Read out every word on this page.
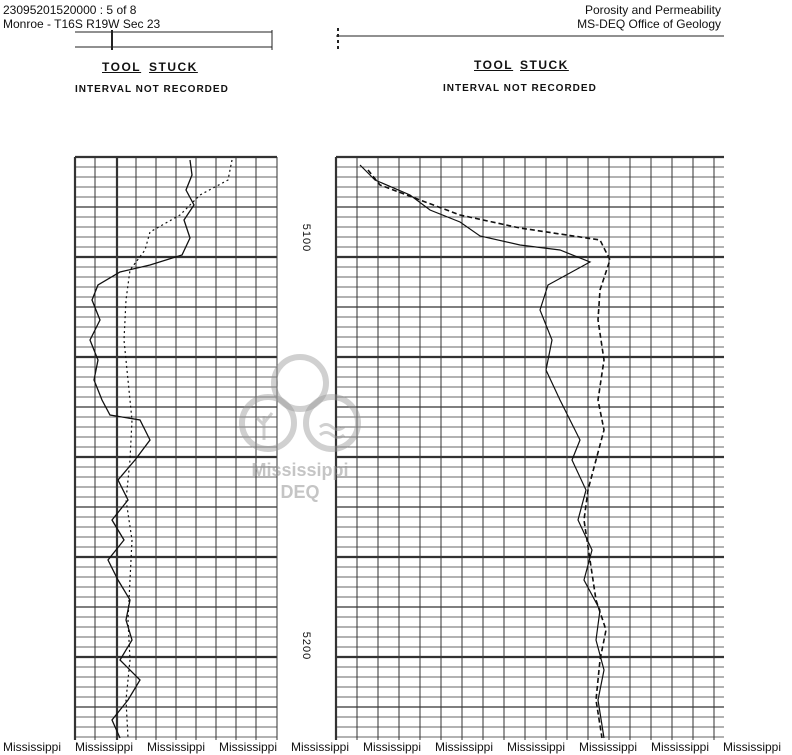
23095201520000 : 5 of 8
Monroe - T16S R19W Sec 23
Porosity and Permeability
MS-DEQ Office of Geology
TOOL STUCK
INTERVAL NOT RECORDED
TOOL STUCK
INTERVAL NOT RECORDED
5100
5200
Mississippi
DEQ
Mississippi	Mississippi	Mississippi	Mississippi	Mississippi	Mississippi	Mississippi	Mississippi	Mississippi	Mississippi	Mississippi
